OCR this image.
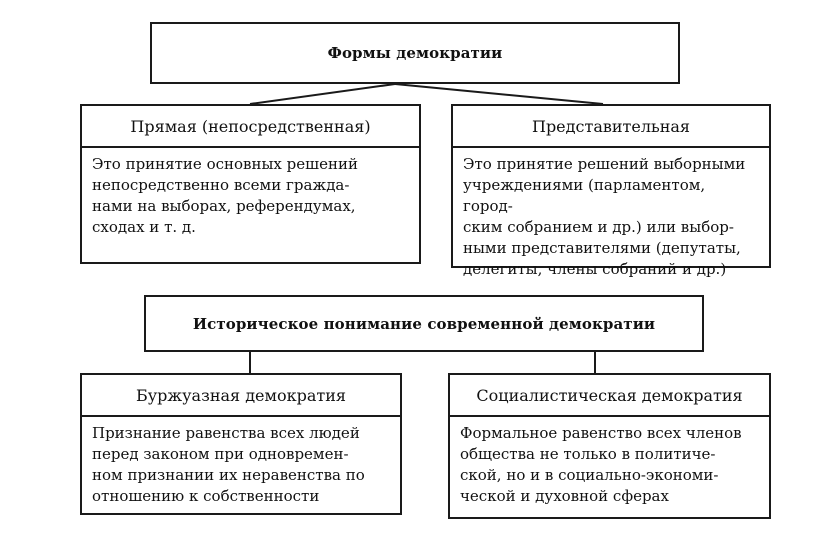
Формы демократии
Прямая (непосредственная)
Это принятие основных решений
непосредственно всеми гражда-
нами на выборах, референдумах,
сходах и т. д.
Представительная
Это принятие решений выборными
учреждениями (парламентом, город-
ским собранием и др.) или выбор-
ными представителями (депутаты,
делегиты, члены собраний и др.)
Историческое понимание современной демократии
Буржуазная демократия
Признание равенства всех людей
перед законом при одновремен-
ном признании их неравенства по
отношению к собственности
Социалистическая демократия
Формальное равенство всех членов
общества не только в политиче-
ской, но и в социально-экономи-
ческой и духовной сферах
